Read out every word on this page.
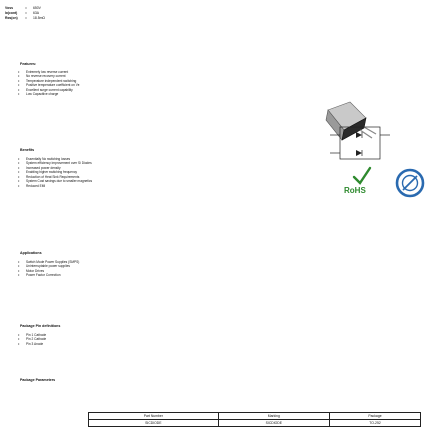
Vᴅss	=	650V
Iᴅ(cont)	=	63A
Rᴅs(on)	=	18.5mΩ
Features:
•	Extremely low reverse current
•	No reverse recovery current
•	Temperature independent switching
•	Positive temperature coefficient on Vᴇ
•	Excellent surge current capability
•	Low Capacitive charge
Benefits
•	Essentially No switching losses
•	System efficiency improvement over Si Diodes
•	Increased power density
•	Enabling higher switching frequency
•	Reduction of Heat Sink Requirements
•	System Cost savings due to smaller magnetics
•	Reduced EMI
Applications
•	Switch Mode Power Supplies (SMPS)
•	Uninterruptable power supplies
•	Motor Drives
•	Power Factor Correction
Package Pin definitions
•	Pin 1 Cathode
•	Pin 2 Cathode
•	Pin 3 Anode
Package Parameters
Part Number	Marking	Package
SICDIODE	SICDIODE	TO-252
RoHS
